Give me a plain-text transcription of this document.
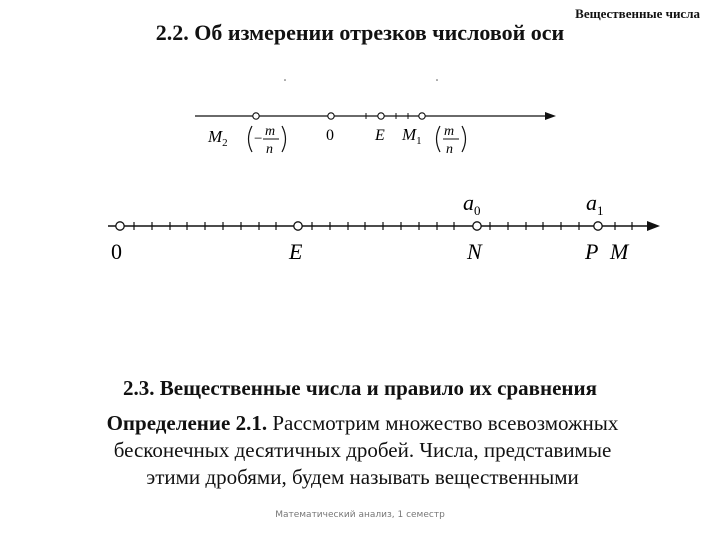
Вещественные числа
2.2. Об измерении отрезков числовой оси
$M_2 - m$
n
0	E $M_1$
m
n
$a_0$	$a_1$
0	E	N	P M
2.3. Вещественные числа и правило их сравнения
Определение 2.1. Рассмотрим множество всевозможных
бесконечных десятичных дробей. Числа, представимые
этими дробями, будем называть вещественными
Математический анализ, 1 семестр
